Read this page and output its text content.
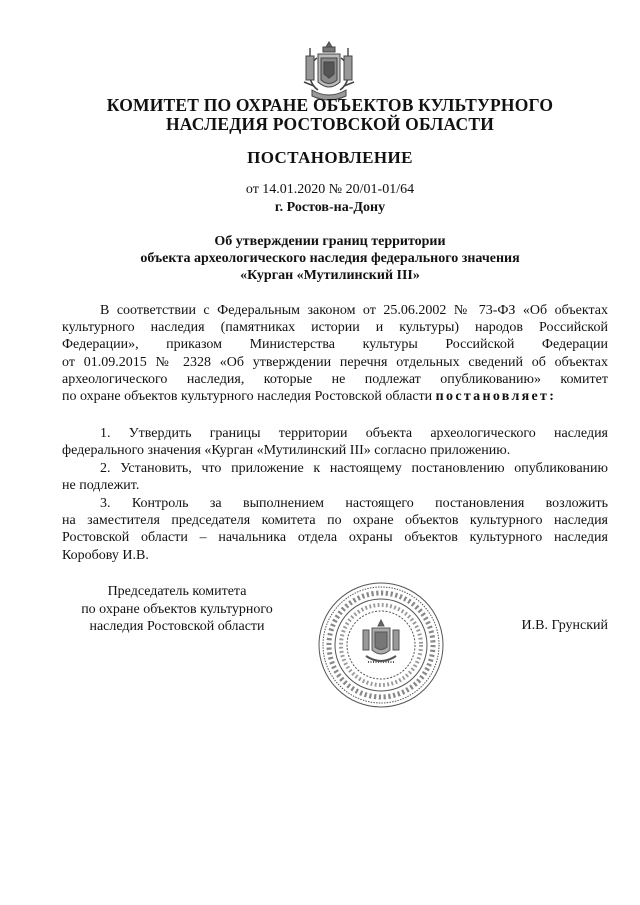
КОМИТЕТ ПО ОХРАНЕ ОБЪЕКТОВ КУЛЬТУРНОГО
НАСЛЕДИЯ РОСТОВСКОЙ ОБЛАСТИ
ПОСТАНОВЛЕНИЕ
от 14.01.2020 № 20/01-01/64
г. Ростов-на-Дону
Об утверждении границ территории
объекта археологического наследия федерального значения
«Курган «Мутилинский III»
В соответствии с Федеральным законом от 25.06.2002 № 73-ФЗ «Об объектах
культурного наследия (памятниках истории и культуры) народов Российской
Федерации», приказом Министерства культуры Российской Федерации
от 01.09.2015 № 2328 «Об утверждении перечня отдельных сведений об объектах
археологического наследия, которые не подлежат опубликованию» комитет
по охране объектов культурного наследия Ростовской области постановляет:
1. Утвердить границы территории объекта археологического наследия
федерального значения «Курган «Мутилинский III» согласно приложению.
2. Установить, что приложение к настоящему постановлению опубликованию
не подлежит.
3. Контроль за выполнением настоящего постановления возложить
на заместителя председателя комитета по охране объектов культурного наследия
Ростовской области – начальника отдела охраны объектов культурного наследия
Коробову И.В.
Председатель комитета
по охране объектов культурного
наследия Ростовской области	И.В. Грунский
